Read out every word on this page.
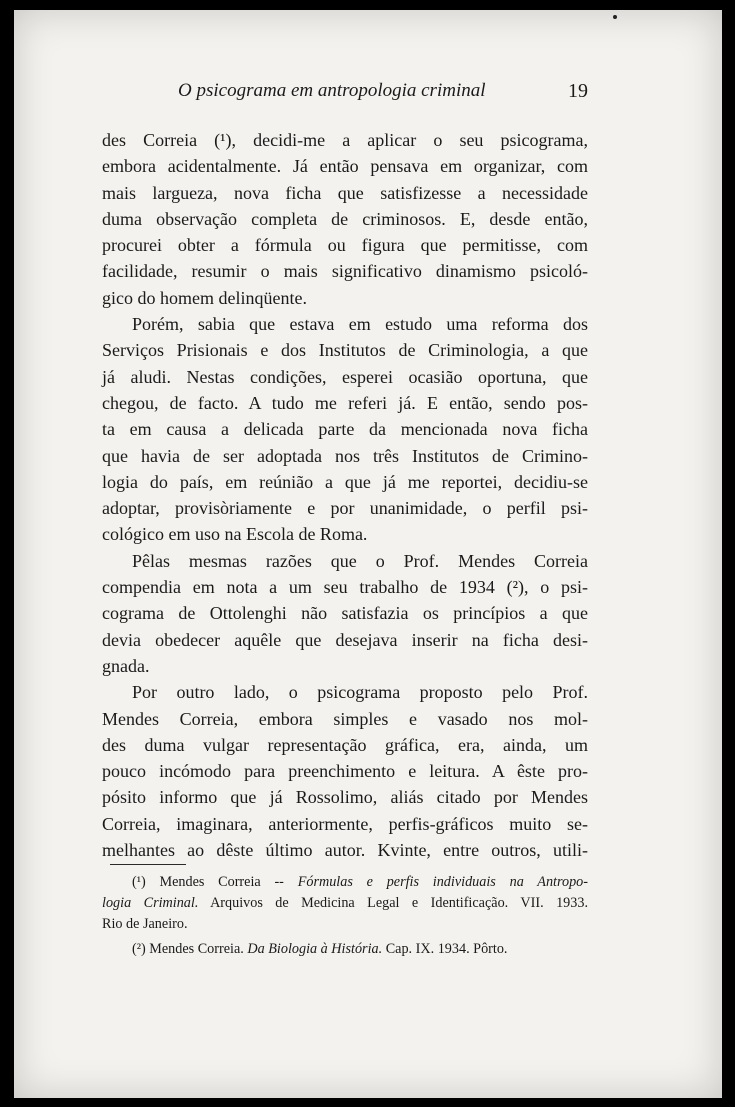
O psicograma em antropologia criminal	19
des Correia (¹), decidi-me a aplicar o seu psicograma,
embora acidentalmente. Já então pensava em organizar, com
mais largueza, nova ficha que satisfizesse a necessidade
duma observação completa de criminosos. E, desde então,
procurei obter a fórmula ou figura que permitisse, com
facilidade, resumir o mais significativo dinamismo psicoló-
gico do homem delinqüente.
Porém, sabia que estava em estudo uma reforma dos
Serviços Prisionais e dos Institutos de Criminologia, a que
já aludi. Nestas condições, esperei ocasião oportuna, que
chegou, de facto. A tudo me referi já. E então, sendo pos-
ta em causa a delicada parte da mencionada nova ficha
que havia de ser adoptada nos três Institutos de Crimino-
logia do país, em reúnião a que já me reportei, decidiu-se
adoptar, provisòriamente e por unanimidade, o perfil psi-
cológico em uso na Escola de Roma.
Pêlas mesmas razões que o Prof. Mendes Correia
compendia em nota a um seu trabalho de 1934 (²), o psi-
cograma de Ottolenghi não satisfazia os princípios a que
devia obedecer aquêle que desejava inserir na ficha desi-
gnada.
Por outro lado, o psicograma proposto pelo Prof.
Mendes Correia, embora simples e vasado nos mol-
des duma vulgar representação gráfica, era, ainda, um
pouco incómodo para preenchimento e leitura. A êste pro-
pósito informo que já Rossolimo, aliás citado por Mendes
Correia, imaginara, anteriormente, perfis-gráficos muito se-
melhantes ao dêste último autor. Kvinte, entre outros, utili-
(¹) Mendes Correia -- Fórmulas e perfis individuais na Antropo-
logia Criminal. Arquivos de Medicina Legal e Identificação. VII. 1933.
Rio de Janeiro.
(²) Mendes Correia. Da Biologia à História. Cap. IX. 1934. Pôrto.
